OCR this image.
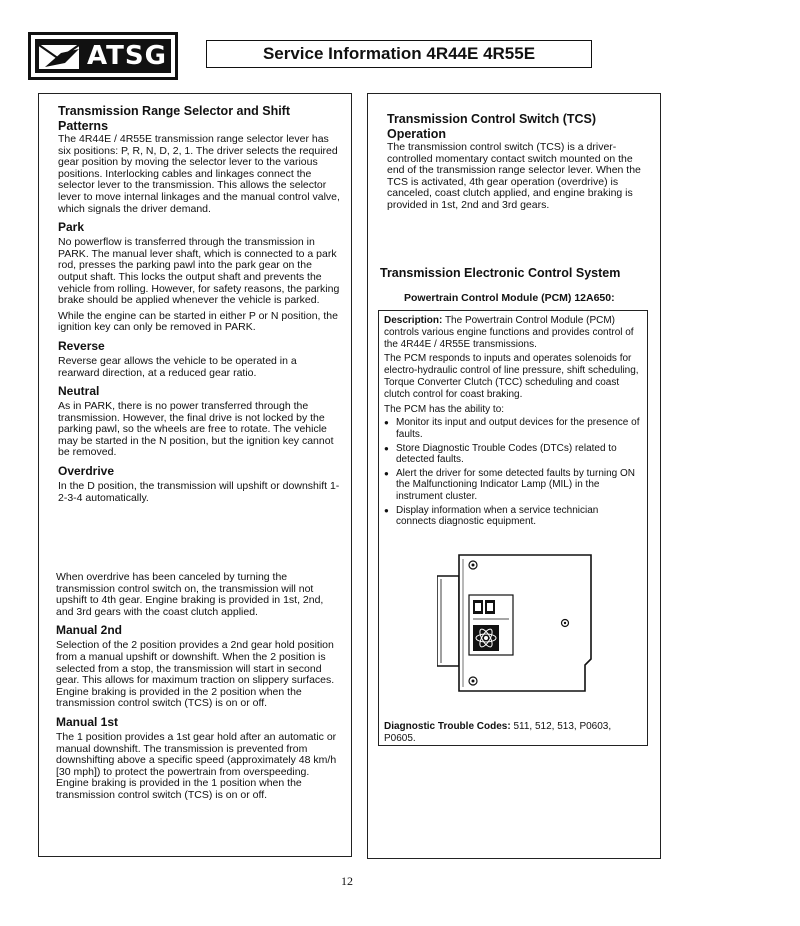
ATSG	Service Information 4R44E 4R55E
Transmission Range Selector and Shift Patterns

The 4R44E / 4R55E transmission range selector lever has six positions: P, R, N, D, 2, 1. The driver selects the required gear position by moving the selector lever to the various positions. Interlocking cables and linkages connect the selector lever to the transmission. This allows the selector lever to move internal linkages and the manual control valve, which signals the driver demand.

Park

No powerflow is transferred through the transmission in PARK. The manual lever shaft, which is connected to a park rod, presses the parking pawl into the park gear on the output shaft. This locks the output shaft and prevents the vehicle from rolling. However, for safety reasons, the parking brake should be applied whenever the vehicle is parked.

While the engine can be started in either P or N position, the ignition key can only be removed in PARK.

Reverse

Reverse gear allows the vehicle to be operated in a rearward direction, at a reduced gear ratio.

Neutral

As in PARK, there is no power transferred through the transmission. However, the final drive is not locked by the parking pawl, so the wheels are free to rotate. The vehicle may be started in the N position, but the ignition key cannot be removed.

Overdrive

In the D position, the transmission will upshift or downshift 1-2-3-4 automatically.

When overdrive has been canceled by turning the transmission control switch on, the transmission will not upshift to 4th gear. Engine braking is provided in 1st, 2nd, and 3rd gears with the coast clutch applied.

Manual 2nd

Selection of the 2 position provides a 2nd gear hold position from a manual upshift or downshift. When the 2 position is selected from a stop, the transmission will start in second gear. This allows for maximum traction on slippery surfaces. Engine braking is provided in the 2 position when the transmission control switch (TCS) is on or off.

Manual 1st

The 1 position provides a 1st gear hold after an automatic or manual downshift. The transmission is prevented from downshifting above a specific speed (approximately 48 km/h [30 mph]) to protect the powertrain from overspeeding. Engine braking is provided in the 1 position when the transmission control switch (TCS) is on or off.

Transmission Control Switch (TCS) Operation

The transmission control switch (TCS) is a driver-controlled momentary contact switch mounted on the end of the transmission range selector lever. When the TCS is activated, 4th gear operation (overdrive) is canceled, coast clutch applied, and engine braking is provided in 1st, 2nd and 3rd gears.

Transmission Electronic Control System
Powertrain Control Module (PCM) 12A650:

Description: The Powertrain Control Module (PCM) controls various engine functions and provides control of the 4R44E / 4R55E transmissions.

The PCM responds to inputs and operates solenoids for electro-hydraulic control of line pressure, shift scheduling, Torque Converter Clutch (TCC) scheduling and coast clutch control for coast braking.

The PCM has the ability to:

● Monitor its input and output devices for the presence of faults.
● Store Diagnostic Trouble Codes (DTCs) related to detected faults.
● Alert the driver for some detected faults by turning ON the Malfunctioning Indicator Lamp (MIL) in the instrument cluster.
● Display information when a service technician connects diagnostic equipment.
Diagnostic Trouble Codes: 511, 512, 513, P0603, P0605.
12
